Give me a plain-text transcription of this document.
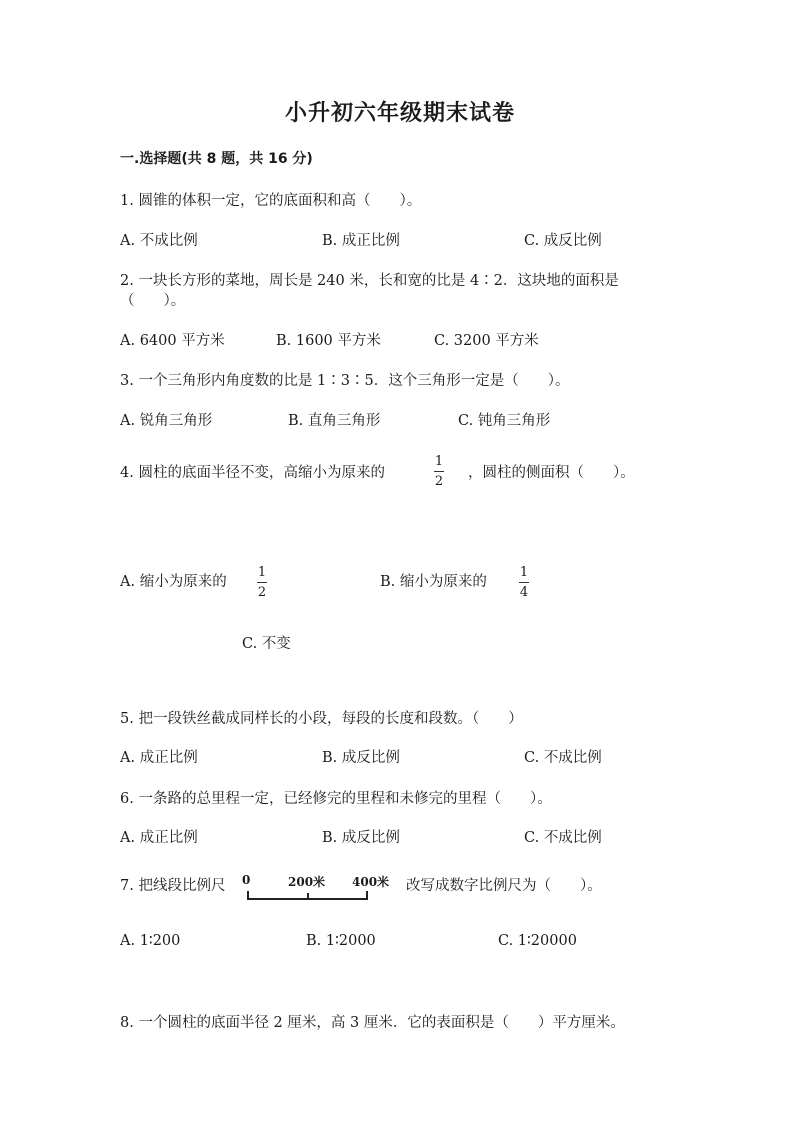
小升初六年级期末试卷
一.选择题(共 8 题，共 16 分)
1. 圆锥的体积一定，它的底面积和高（　　）。
A. 不成比例	B. 成正比例	C. 成反比例
2. 一块长方形的菜地，周长是 240 米，长和宽的比是 4∶2．这块地的面积是
（　　）。
A. 6400 平方米	B. 1600 平方米	C. 3200 平方米
3. 一个三角形内角度数的比是 1∶3∶5．这个三角形一定是（　　）。
A. 锐角三角形	B. 直角三角形	C. 钝角三角形
4. 圆柱的底面半径不变，高缩小为原来的
1
2
，圆柱的侧面积（　　）。
A. 缩小为原来的
1
2
B. 缩小为原来的
1
4
C. 不变
5. 把一段铁丝截成同样长的小段，每段的长度和段数。（　　）
A. 成正比例	B. 成反比例	C. 不成比例
6. 一条路的总里程一定，已经修完的里程和未修完的里程（　　）。
A. 成正比例	B. 成反比例	C. 不成比例
7. 把线段比例尺 0	200米 400米 改写成数字比例尺为（　　）。
A. 1∶200	B. 1∶2000	C. 1∶20000
8. 一个圆柱的底面半径 2 厘米，高 3 厘米．它的表面积是（　　）平方厘米。
